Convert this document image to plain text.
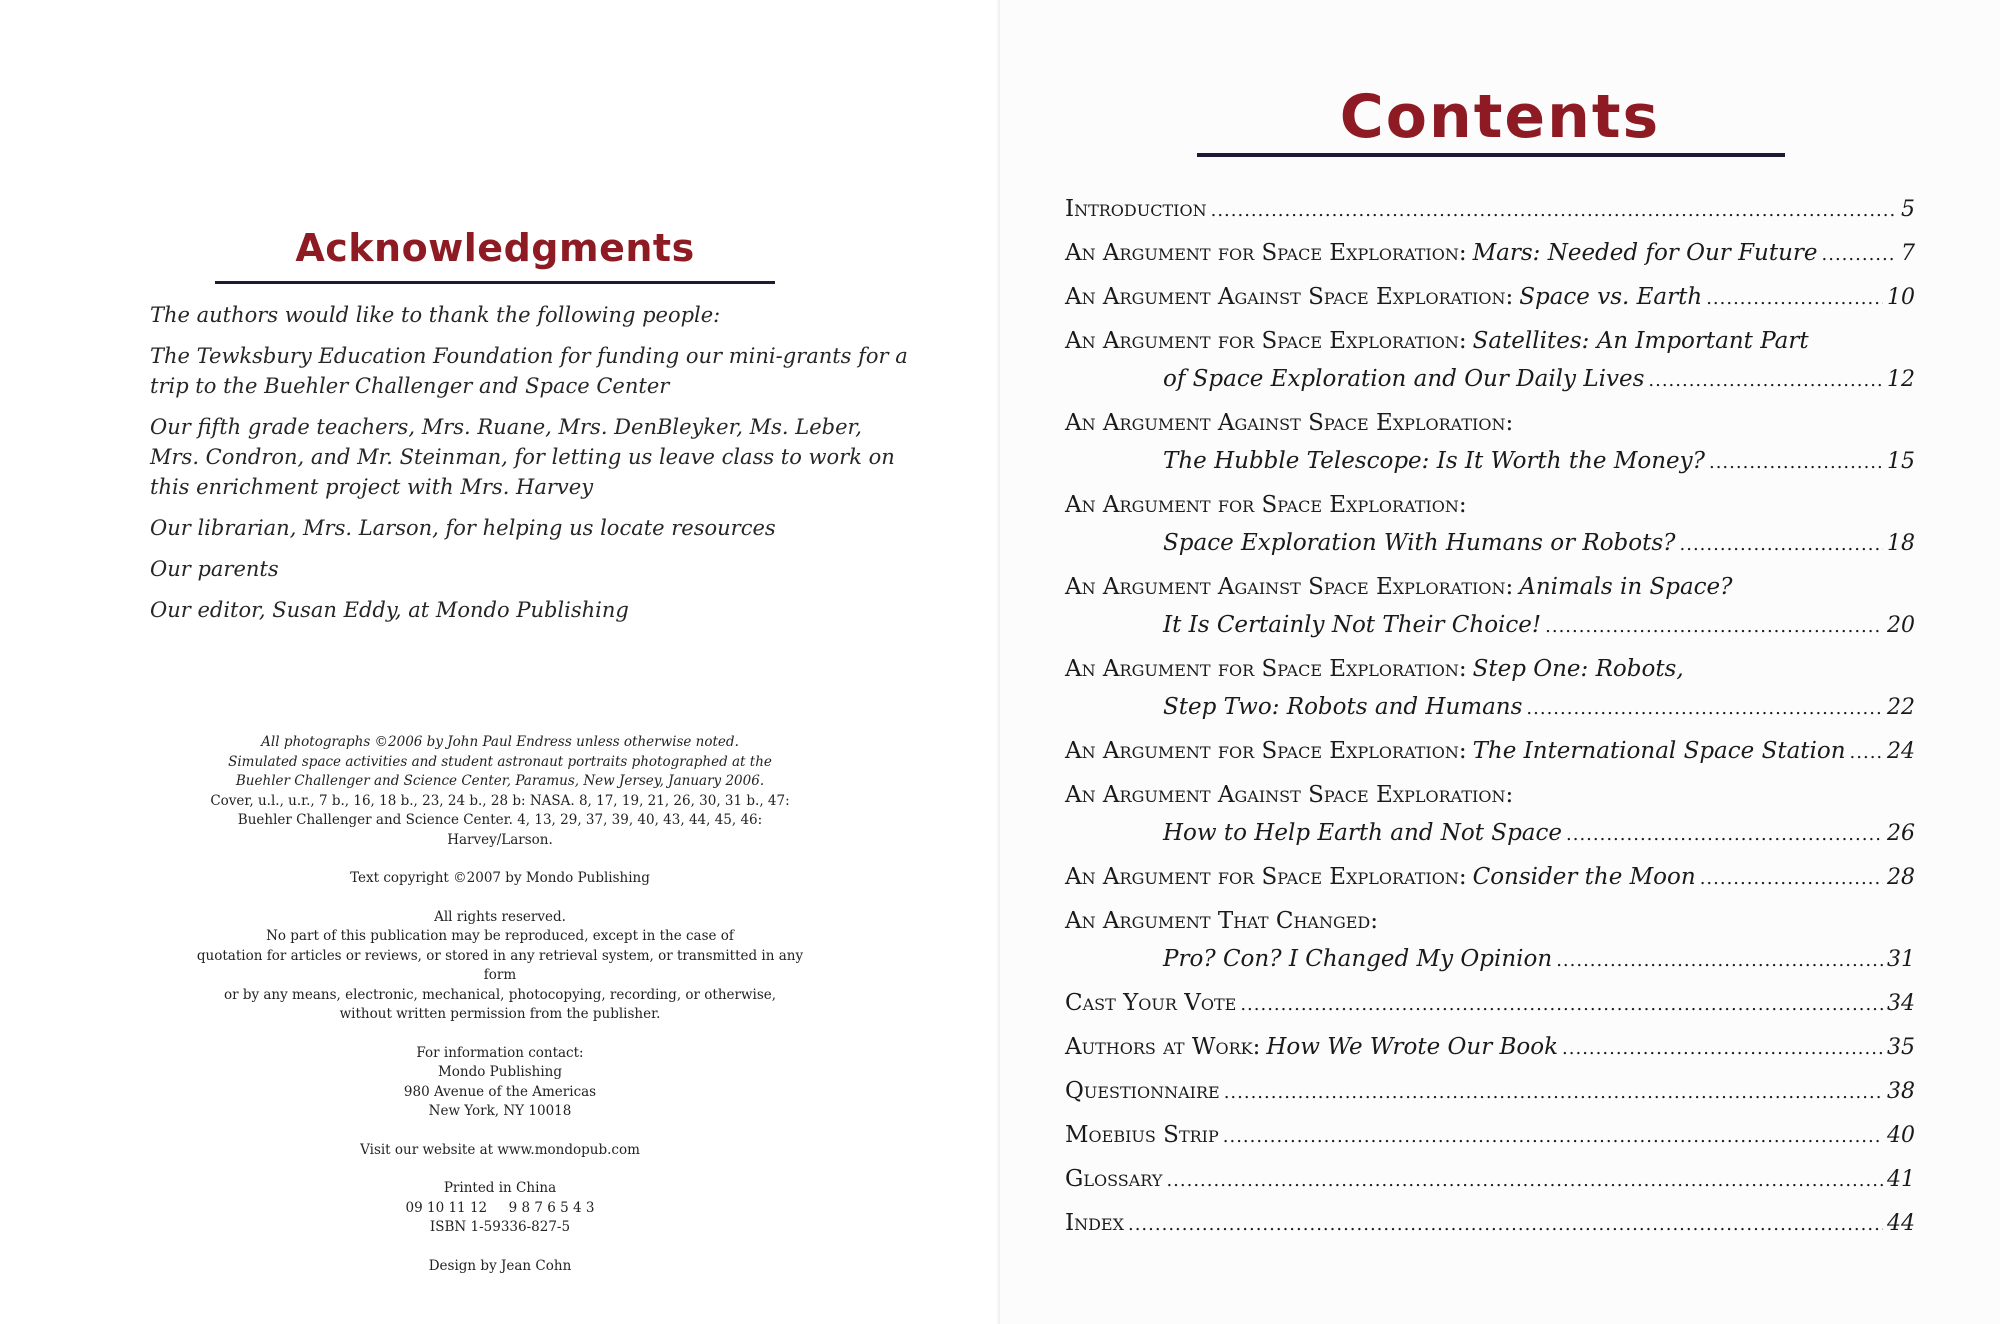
Acknowledgments

The authors would like to thank the following people:

The Tewksbury Education Foundation for funding our mini-grants for a trip to the Buehler Challenger and Space Center

Our fifth grade teachers, Mrs. Ruane, Mrs. DenBleyker, Ms. Leber, Mrs. Condron, and Mr. Steinman, for letting us leave class to work on this enrichment project with Mrs. Harvey

Our librarian, Mrs. Larson, for helping us locate resources

Our parents

Our editor, Susan Eddy, at Mondo Publishing

All photographs ©2006 by John Paul Endress unless otherwise noted.
Simulated space activities and student astronaut portraits photographed at the
Buehler Challenger and Science Center, Paramus, New Jersey, January 2006.
Cover, u.l., u.r., 7 b., 16, 18 b., 23, 24 b., 28 b: NASA. 8, 17, 19, 21, 26, 30, 31 b., 47:
Buehler Challenger and Science Center. 4, 13, 29, 37, 39, 40, 43, 44, 45, 46: Harvey/Larson.
Text copyright ©2007 by Mondo Publishing
All rights reserved.
No part of this publication may be reproduced, except in the case of
quotation for articles or reviews, or stored in any retrieval system, or transmitted in any form
or by any means, electronic, mechanical, photocopying, recording, or otherwise,
without written permission from the publisher.
For information contact:
Mondo Publishing
980 Avenue of the Americas
New York, NY 10018
Visit our website at www.mondopub.com
Printed in China
09 10 11 12     9 8 7 6 5 4 3
ISBN 1-59336-827-5
Design by Jean Cohn
Contents
Introduction .....	5
An Argument for Space Exploration: Mars: Needed for Our Future .....	7
An Argument Against Space Exploration: Space vs. Earth .....	10
An Argument for Space Exploration: Satellites: An Important Part
of Space Exploration and Our Daily Lives .....	12
An Argument Against Space Exploration:
The Hubble Telescope: Is It Worth the Money? .....	15
An Argument for Space Exploration:
Space Exploration With Humans or Robots? .....	18
An Argument Against Space Exploration: Animals in Space?
It Is Certainly Not Their Choice! .....	20
An Argument for Space Exploration: Step One: Robots,
Step Two: Robots and Humans .....	22
An Argument for Space Exploration: The International Space Station ..... 24
An Argument Against Space Exploration:
How to Help Earth and Not Space .....	26
An Argument for Space Exploration: Consider the Moon .....	28
An Argument That Changed:
Pro? Con? I Changed My Opinion .....	31
Cast Your Vote .....	34
Authors at Work: How We Wrote Our Book .....	35
Questionnaire .....	38
Moebius Strip .....	40
Glossary .....	41
Index .....	44
